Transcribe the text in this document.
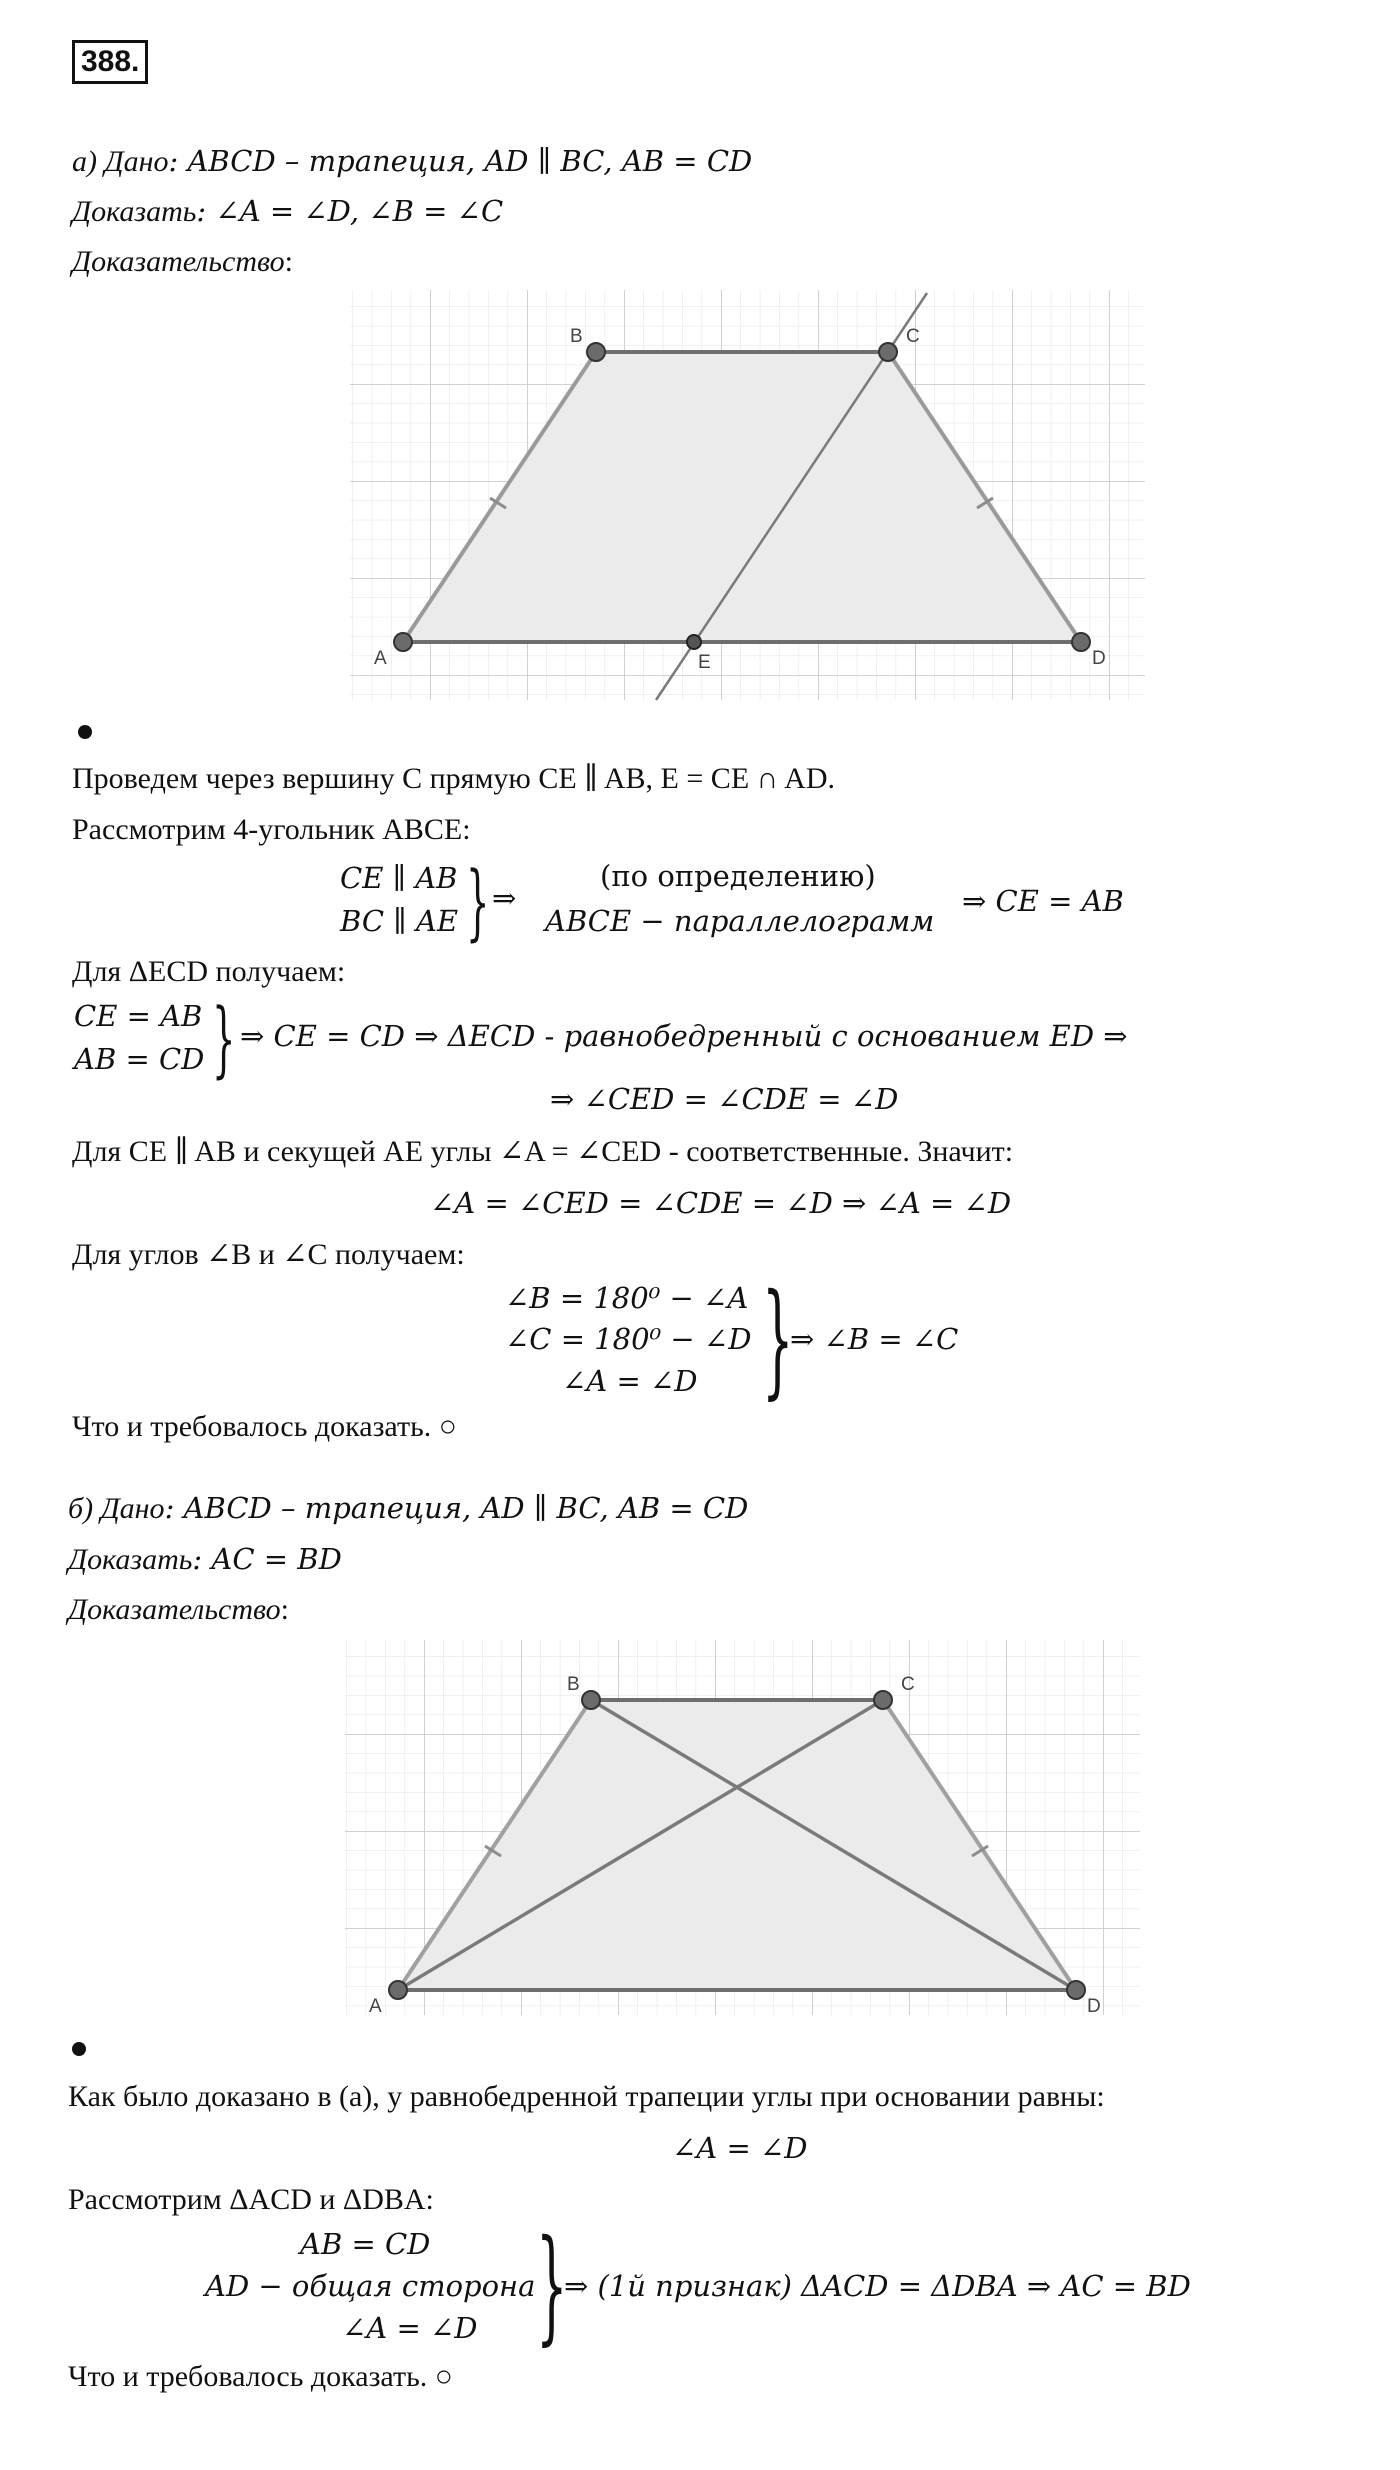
388.
а) Дано: ABCD – трапеция, AD ∥ BC, AB = CD
Доказать: ∠A = ∠D, ∠B = ∠C
Доказательство:
B	C
A	E	D
Проведем через вершину C прямую CE ∥ AB, E = CE ∩ AD.
Рассмотрим 4-угольник ABCE:
CE ∥ AB
BC ∥ AE } ⇒
(по определению)
ABCE − параллелограмм
⇒ CE = AB
Для ΔECD получаем:
CE = AB
AB = CD } ⇒ CE = CD ⇒ ΔECD - равнобедренный с основанием ED ⇒
⇒ ∠CED = ∠CDE = ∠D
Для CE ∥ AB и секущей AE углы ∠A = ∠CED - соответственные. Значит:
∠A = ∠CED = ∠CDE = ∠D ⇒ ∠A = ∠D
Для углов ∠B и ∠C получаем:
∠B = 180⁰ − ∠A
∠C = 180⁰ − ∠D
∠A = ∠D }
⇒ ∠B = ∠C
Что и требовалось доказать. ○
б) Дано: ABCD – трапеция, AD ∥ BC, AB = CD
Доказать: AC = BD
Доказательство:
B	C
A	D
Как было доказано в (а), у равнобедренной трапеции углы при основании равны:
∠A = ∠D
Рассмотрим ΔACD и ΔDBA:
AB = CD
AD − общая сторона
∠A = ∠D }
⇒ (1й признак) ΔACD = ΔDBA ⇒ AC = BD
Что и требовалось доказать. ○
